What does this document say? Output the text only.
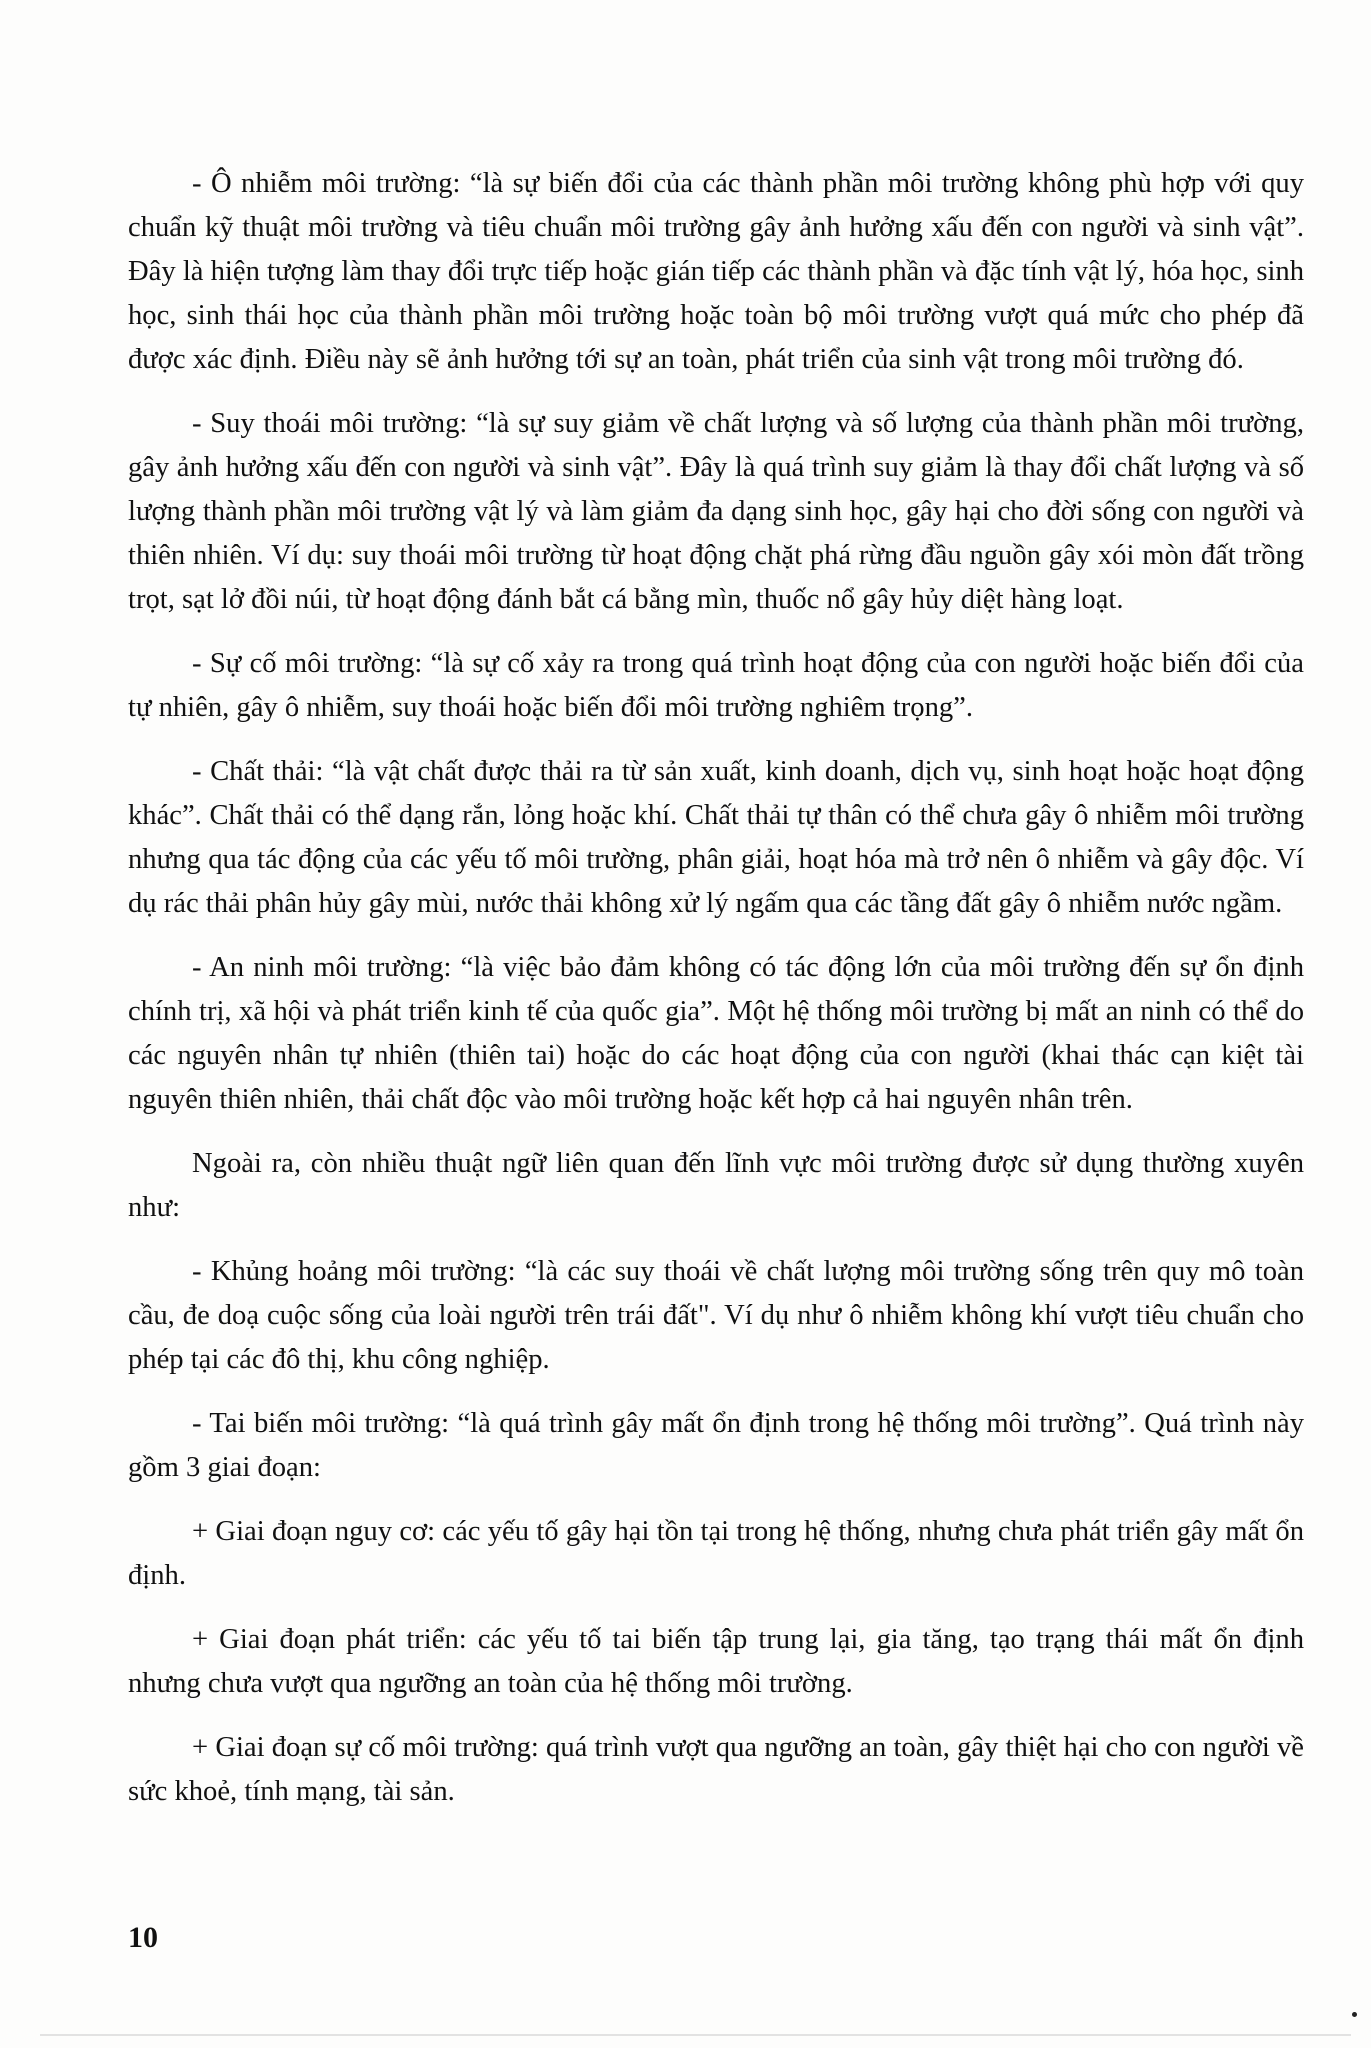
- Ô nhiễm môi trường: “là sự biến đổi của các thành phần môi trường không phù hợp với quy chuẩn kỹ thuật môi trường và tiêu chuẩn môi trường gây ảnh hưởng xấu đến con người và sinh vật”. Đây là hiện tượng làm thay đổi trực tiếp hoặc gián tiếp các thành phần và đặc tính vật lý, hóa học, sinh học, sinh thái học của thành phần môi trường hoặc toàn bộ môi trường vượt quá mức cho phép đã được xác định. Điều này sẽ ảnh hưởng tới sự an toàn, phát triển của sinh vật trong môi trường đó.

- Suy thoái môi trường: “là sự suy giảm về chất lượng và số lượng của thành phần môi trường, gây ảnh hưởng xấu đến con người và sinh vật”. Đây là quá trình suy giảm là thay đổi chất lượng và số lượng thành phần môi trường vật lý và làm giảm đa dạng sinh học, gây hại cho đời sống con người và thiên nhiên. Ví dụ: suy thoái môi trường từ hoạt động chặt phá rừng đầu nguồn gây xói mòn đất trồng trọt, sạt lở đồi núi, từ hoạt động đánh bắt cá bằng mìn, thuốc nổ gây hủy diệt hàng loạt.

- Sự cố môi trường: “là sự cố xảy ra trong quá trình hoạt động của con người hoặc biến đổi của tự nhiên, gây ô nhiễm, suy thoái hoặc biến đổi môi trường nghiêm trọng”.

- Chất thải: “là vật chất được thải ra từ sản xuất, kinh doanh, dịch vụ, sinh hoạt hoặc hoạt động khác”. Chất thải có thể dạng rắn, lỏng hoặc khí. Chất thải tự thân có thể chưa gây ô nhiễm môi trường nhưng qua tác động của các yếu tố môi trường, phân giải, hoạt hóa mà trở nên ô nhiễm và gây độc. Ví dụ rác thải phân hủy gây mùi, nước thải không xử lý ngấm qua các tầng đất gây ô nhiễm nước ngầm.

- An ninh môi trường: “là việc bảo đảm không có tác động lớn của môi trường đến sự ổn định chính trị, xã hội và phát triển kinh tế của quốc gia”. Một hệ thống môi trường bị mất an ninh có thể do các nguyên nhân tự nhiên (thiên tai) hoặc do các hoạt động của con người (khai thác cạn kiệt tài nguyên thiên nhiên, thải chất độc vào môi trường hoặc kết hợp cả hai nguyên nhân trên.

Ngoài ra, còn nhiều thuật ngữ liên quan đến lĩnh vực môi trường được sử dụng thường xuyên như:

- Khủng hoảng môi trường: “là các suy thoái về chất lượng môi trường sống trên quy mô toàn cầu, đe doạ cuộc sống của loài người trên trái đất". Ví dụ như ô nhiễm không khí vượt tiêu chuẩn cho phép tại các đô thị, khu công nghiệp.

- Tai biến môi trường: “là quá trình gây mất ổn định trong hệ thống môi trường”. Quá trình này gồm 3 giai đoạn:

+ Giai đoạn nguy cơ: các yếu tố gây hại tồn tại trong hệ thống, nhưng chưa phát triển gây mất ổn định.

+ Giai đoạn phát triển: các yếu tố tai biến tập trung lại, gia tăng, tạo trạng thái mất ổn định nhưng chưa vượt qua ngưỡng an toàn của hệ thống môi trường.

+ Giai đoạn sự cố môi trường: quá trình vượt qua ngưỡng an toàn, gây thiệt hại cho con người về sức khoẻ, tính mạng, tài sản.

10
